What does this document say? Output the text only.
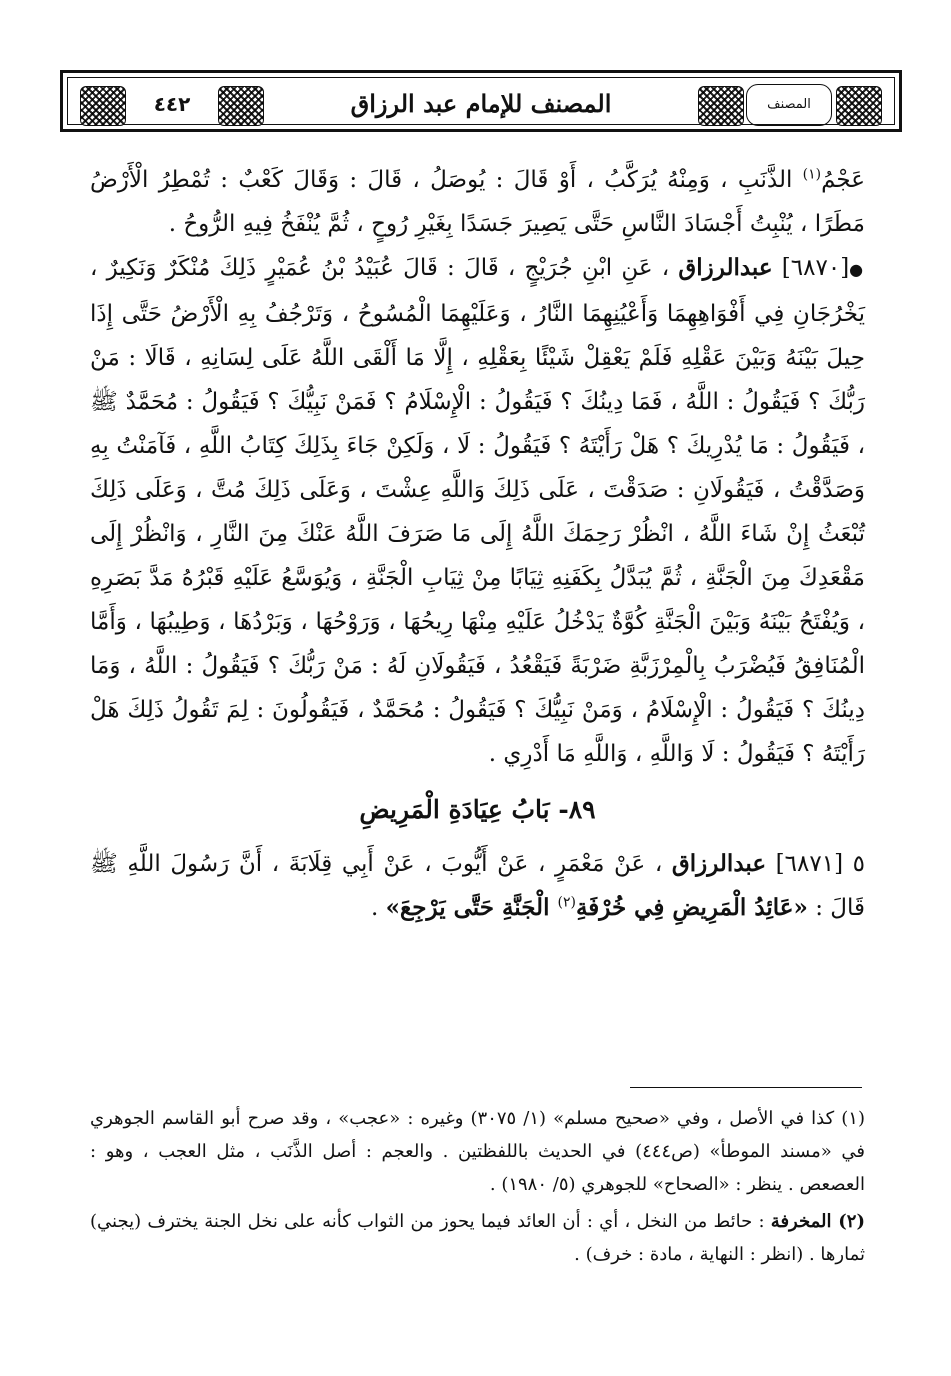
٤٤٢	المصنف للإمام عبد الرزاق	المصنف

عَجْمُ$^{(١)}$ الذَّنَبِ ، وَمِنْهُ يُرَكَّبُ ، أَوْ قَالَ : يُوصَلُ ، قَالَ : وَقَالَ كَعْبٌ : تُمْطِرُ الْأَرْضُ مَطَرًا ، يُنْبِتُ أَجْسَادَ النَّاسِ حَتَّى يَصِيرَ جَسَدًا بِغَيْرِ رُوحٍ ، ثُمَّ يُنْفَخُ فِيهِ الرُّوحُ .

●[٦٨٧٠] عبدالرزاق ، عَنِ ابْنِ جُرَيْجٍ ، قَالَ : قَالَ عُبَيْدُ بْنُ عُمَيْرٍ ذَلِكَ مُنْكَرٌ وَنَكِيرٌ ، يَخْرُجَانِ فِي أَفْوَاهِهِمَا وَأَعْيُنِهِمَا النَّارُ ، وَعَلَيْهِمَا الْمُسُوحُ ، وَتَرْجُفُ بِهِ الْأَرْضُ حَتَّى إِذَا حِيلَ بَيْنَهُ وَبَيْنَ عَقْلِهِ فَلَمْ يَعْقِلْ شَيْئًا بِعَقْلِهِ ، إِلَّا مَا أَلْقَى اللَّهُ عَلَى لِسَانِهِ ، قَالَا : مَنْ رَبُّكَ ؟ فَيَقُولُ : اللَّهُ ، فَمَا دِينُكَ ؟ فَيَقُولُ : الْإِسْلَامُ ؟ فَمَنْ نَبِيُّكَ ؟ فَيَقُولُ : مُحَمَّدٌ ﷺ ، فَيَقُولُ : مَا يُدْرِيكَ ؟ هَلْ رَأَيْتَهُ ؟ فَيَقُولُ : لَا ، وَلَكِنْ جَاءَ بِذَلِكَ كِتَابُ اللَّهِ ، فَآمَنْتُ بِهِ وَصَدَّقْتُ ، فَيَقُولَانِ : صَدَقْتَ ، عَلَى ذَلِكَ وَاللَّهِ عِشْتَ ، وَعَلَى ذَلِكَ مُتَّ ، وَعَلَى ذَلِكَ تُبْعَثُ إِنْ شَاءَ اللَّهُ ، انْظُرْ رَحِمَكَ اللَّهُ إِلَى مَا صَرَفَ اللَّهُ عَنْكَ مِنَ النَّارِ ، وَانْظُرْ إِلَى مَقْعَدِكَ مِنَ الْجَنَّةِ ، ثُمَّ يُبَدَّلُ بِكَفَنِهِ ثِيَابًا مِنْ ثِيَابِ الْجَنَّةِ ، وَيُوَسَّعُ عَلَيْهِ قَبْرُهُ مَدَّ بَصَرِهِ ، وَيُفْتَحُ بَيْنَهُ وَبَيْنَ الْجَنَّةِ كُوَّةٌ يَدْخُلُ عَلَيْهِ مِنْهَا رِيحُهَا ، وَرَوْحُهَا ، وَبَرْدُهَا ، وَطِيبُهَا ، وَأَمَّا الْمُنَافِقُ فَيُضْرَبُ بِالْمِرْزَبَّةِ ضَرْبَةً فَيَقْعُدُ ، فَيَقُولَانِ لَهُ : مَنْ رَبُّكَ ؟ فَيَقُولُ : اللَّهُ ، وَمَا دِينُكَ ؟ فَيَقُولُ : الْإِسْلَامُ ، وَمَنْ نَبِيُّكَ ؟ فَيَقُولُ : مُحَمَّدٌ ، فَيَقُولُونَ : لِمَ تَقُولُ ذَلِكَ هَلْ رَأَيْتَهُ ؟ فَيَقُولُ : لَا وَاللَّهِ ، وَاللَّهِ مَا أَدْرِي .

٨٩- بَابُ عِيَادَةِ الْمَرِيضِ

٥ [٦٨٧١] عبدالرزاق ، عَنْ مَعْمَرٍ ، عَنْ أَيُّوبَ ، عَنْ أَبِي قِلَابَةَ ، أَنَّ رَسُولَ اللَّهِ ﷺ قَالَ : «عَائِدُ الْمَرِيضِ فِي خُرْفَةِ$^{(٢)}$ الْجَنَّةِ حَتَّى يَرْجِعَ» .

(١) كذا في الأصل ، وفي «صحيح مسلم» (١/ ٣٠٧٥) وغيره : «عجب» ، وقد صرح أبو القاسم الجوهري في «مسند الموطأ» (ص٤٤٤) في الحديث باللفظتين . والعجم : أصل الذَّنَب ، مثل العجب ، وهو : العصعص . ينظر : «الصحاح» للجوهري (٥/ ١٩٨٠) .

(٢) المخرفة : حائط من النخل ، أي : أن العائد فيما يحوز من الثواب كأنه على نخل الجنة يخترف (يجني) ثمارها . (انظر : النهاية ، مادة : خرف) .
